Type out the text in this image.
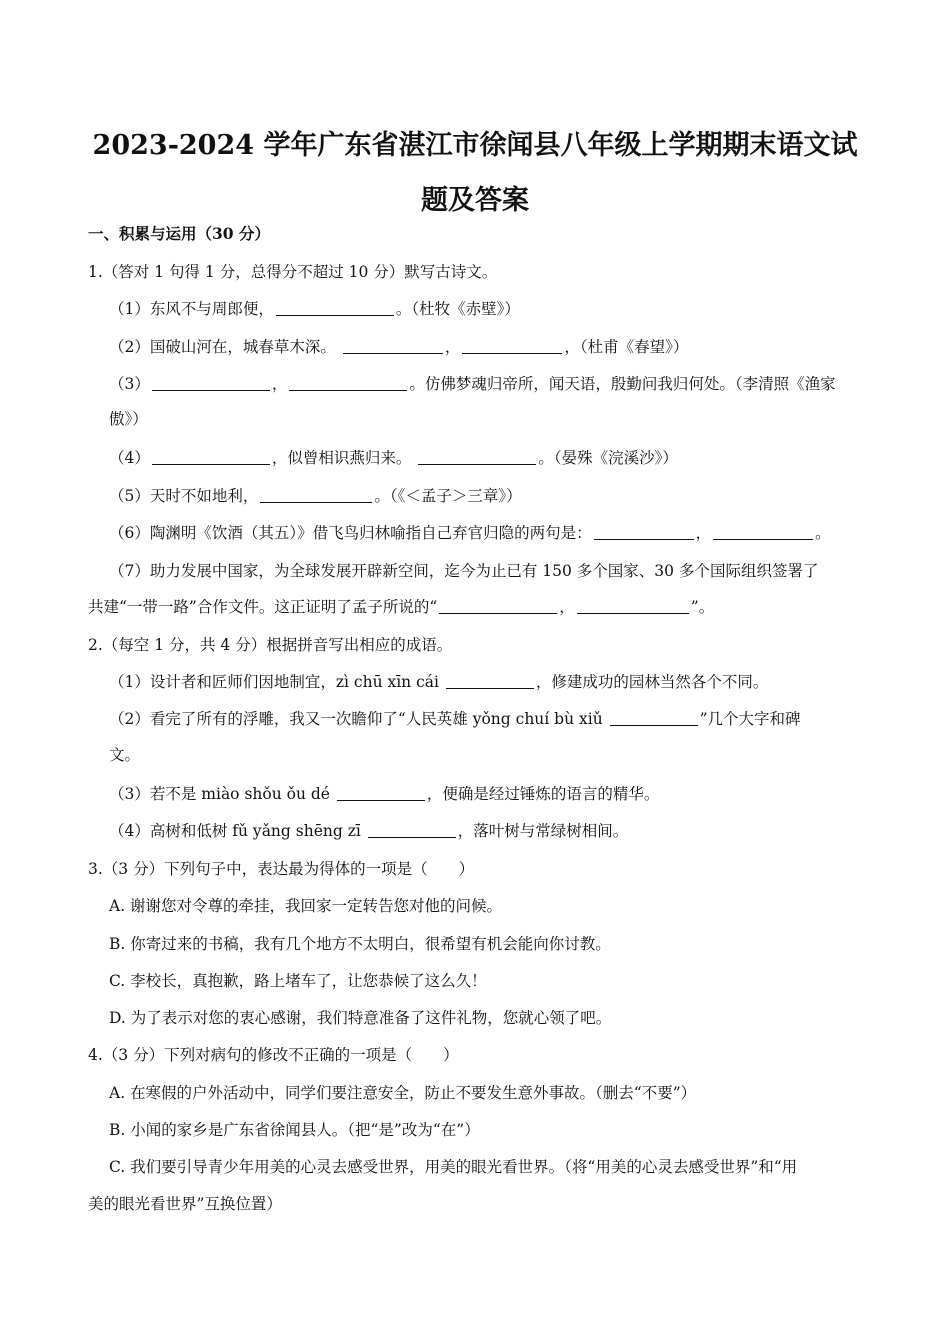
2023-2024 学年广东省湛江市徐闻县八年级上学期期末语文试题及答案
一、积累与运用（30 分）
1.（答对 1 句得 1 分，总得分不超过 10 分）默写古诗文。
（1）东风不与周郎便，	。（杜牧《赤壁》）
（2）国破山河在，城春草木深。	，	，（杜甫《春望》）
（3）	，	。仿佛梦魂归帝所，闻天语，殷勤问我归何处。（李清照《渔家
傲》）
（4）	，似曾相识燕归来。	。（晏殊《浣溪沙》）
（5）天时不如地利，	。（《＜孟子＞三章》）
（6）陶渊明《饮酒（其五）》借飞鸟归林喻指自己弃官归隐的两句是：	，	。
（7）助力发展中国家，为全球发展开辟新空间，迄今为止已有 150 多个国家、30 多个国际组织签署了
共建“一带一路”合作文件。这正证明了孟子所说的“	，	”。
2.（每空 1 分，共 4 分）根据拼音写出相应的成语。
（1）设计者和匠师们因地制宜，zì chū xīn cái	，修建成功的园林当然各个不同。
（2）看完了所有的浮雕，我又一次瞻仰了“人民英雄 yǒng chuí bù xiǔ	”几个大字和碑
文。
（3）若不是 miào shǒu ǒu dé	，便确是经过锤炼的语言的精华。
（4）高树和低树 fǔ yǎng shēng zī	，落叶树与常绿树相间。
3.（3 分）下列句子中，表达最为得体的一项是（　　）
A. 谢谢您对令尊的牵挂，我回家一定转告您对他的问候。
B. 你寄过来的书稿，我有几个地方不太明白，很希望有机会能向你讨教。
C. 李校长，真抱歉，路上堵车了，让您恭候了这么久！
D. 为了表示对您的衷心感谢，我们特意准备了这件礼物，您就心领了吧。
4.（3 分）下列对病句的修改不正确的一项是（　　）
A. 在寒假的户外活动中，同学们要注意安全，防止不要发生意外事故。（删去“不要”）
B. 小闻的家乡是广东省徐闻县人。（把“是”改为“在”）
C. 我们要引导青少年用美的心灵去感受世界，用美的眼光看世界。（将“用美的心灵去感受世界”和“用
美的眼光看世界”互换位置）
